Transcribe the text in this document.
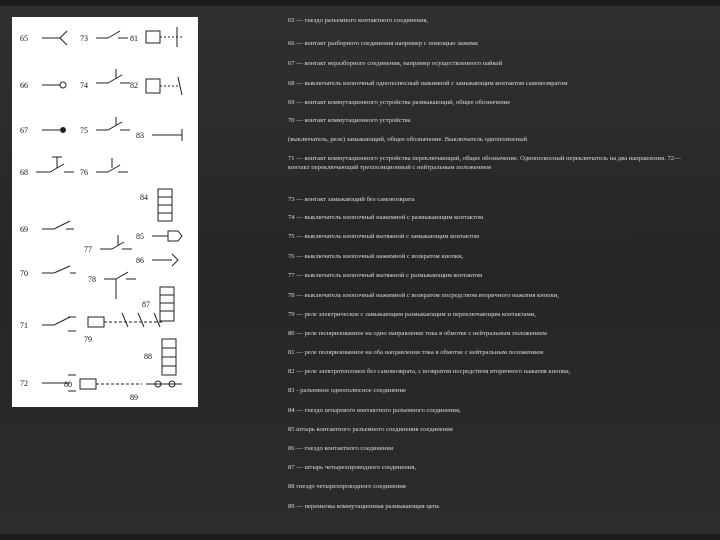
65	73	81
66	74	82
67	75
83
68	76
84
69
77
85
70
78
86
71
79
87
72	80
88
89
65 — гнездо разъемного контактного соединения,
66 — контакт разборного соединения например с помощью зажима
67 — контакт неразборного соединения, например осуществленного пайкой
68 — выключатель кнопочный однополюсный нажимной с замыкающим контактом самовозвратом
69 — контакт коммутационного устройства размыкающий, общее обозначение
70 — контакт коммутационного устройства
(выключатель, реле) замыкающий, общее обозначение. Выключатель однополюсный
71 — контакт коммутационного устройства переключающий, общее обозначение. Однополюсный переключатель на два направления. 72— контакт переключающий трехпозиционный с нейтральным положением
73 — контакт замыкающий без самовозврата
74 — выключатель кнопочный нажимной с размыкающим контактом
75 — выключатель кнопочный вытяжной с замыкающим контактом
76 — выключатель кнопочный нажимной с возвратом кнопки,
77 — выключатель кнопочный вытяжной с размыкающим контактом
78 — выключатель кнопочный нажимной с возвратом посредством вторичного нажатия кнопки,
79 — реле электрическое с замыкающим размыкающим и переключающим контактами,
80 — реле поляризованное на одно направление тока в обмотке с нейтральным положением
81 — реле поляризованное на оба направления тока в обмотке с нейтральным положением
82 — реле электротепловое без самовозврата, с возвратом посредством вторичного нажатия кнопки,
83 - разъемное однополюсное соединение
84 — гнездо штыревого контактного разъемного соединения,
85 штырь контактного разъемного соединения соединения
86 — гнездо контактного соединения
87 — штырь четырехпроводного соединения,
88 гнездо четырехпроводного соединения
89 — перемычка коммутационная размыкающая цепь
